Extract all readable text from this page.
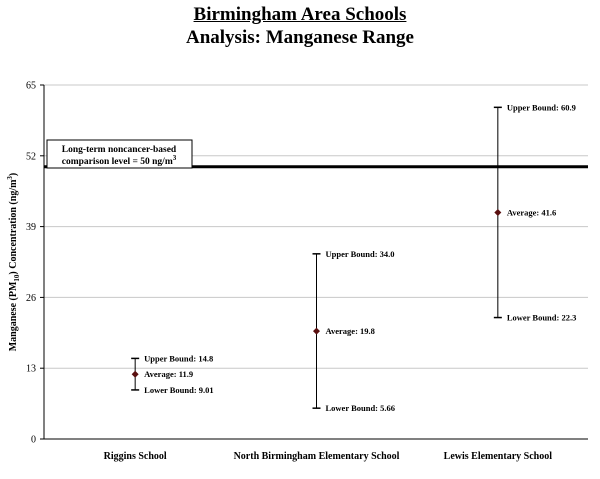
Birmingham Area Schools
Analysis: Manganese Range
0
13
26
39
52
65
Long-term noncancer-based
comparison level = 50 $ng/m^3$
Upper Bound: 14.8
Average: 11.9
Lower Bound: 9.01
Upper Bound: 34.0
Average: 19.8
Lower Bound: 5.66
Upper Bound: 60.9
Average: 41.6
Lower Bound: 22.3
Riggins School	North Birmingham Elementary School	Lewis Elementary School
Manganese $(PM_{10})$ Concentration $(ng/m^3)$
